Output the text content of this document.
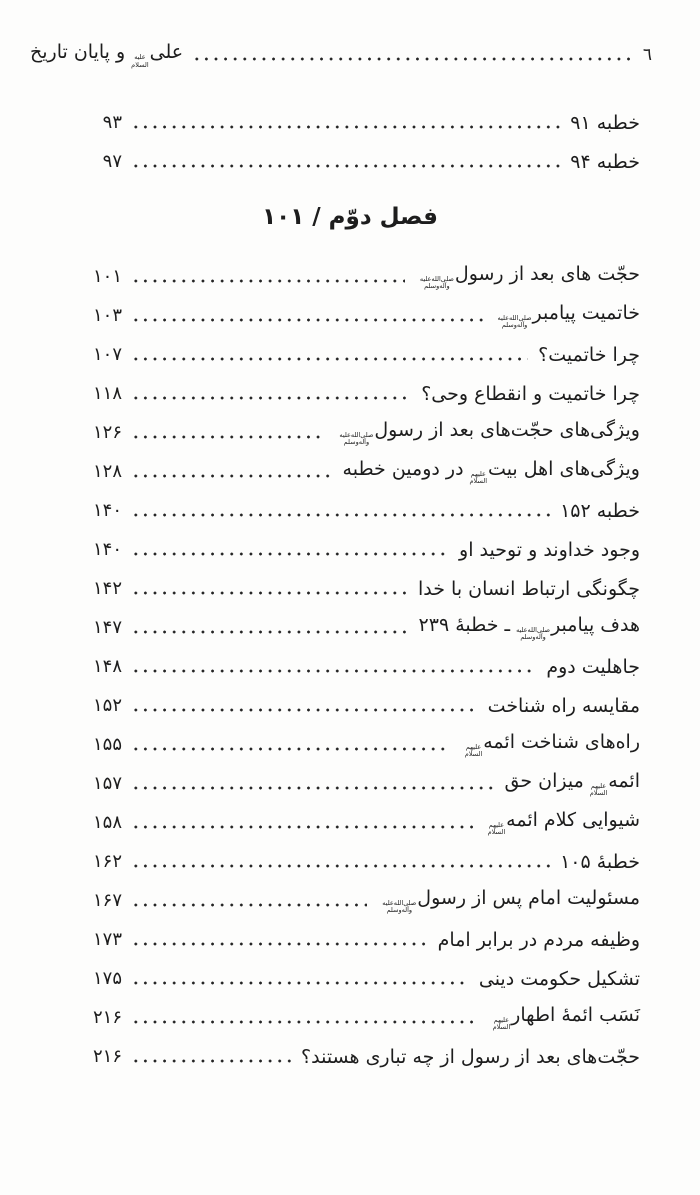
٦
علی
علیه
السلام
و پایان تاریخ
خطبه ۹۱
۹۳
خطبه ۹۴
۹۷
فصل دوّم / ۱۰۱
حجّت های بعد از رسول
صلی‌الله‌علیه
وآله‌وسلم
۱۰۱
خاتمیت پیامبر
صلی‌الله‌علیه
وآله‌وسلم
۱۰۳
چرا خاتمیت؟
۱۰۷
چرا خاتمیت و انقطاع وحی؟
۱۱۸
ویژگی‌های حجّت‌های بعد از رسول
صلی‌الله‌علیه
وآله‌وسلم
۱۲۶
ویژگی‌های اهل بیت
علیهم
السلام
در دومین خطبه
۱۲۸
خطبه ۱۵۲
۱۴۰
وجود خداوند و توحید او
۱۴۰
چگونگی ارتباط انسان با خدا
۱۴۲
هدف پیامبر
صلی‌الله‌علیه
وآله‌وسلم
ـ خطبهٔ ۲۳۹
۱۴۷
جاهلیت دوم
۱۴۸
مقایسه راه شناخت
۱۵۲
راه‌های شناخت ائمه
علیهم
السلام
۱۵۵
ائمه
علیهم
السلام
میزان حق
۱۵۷
شیوایی کلام ائمه
علیهم
السلام
۱۵۸
خطبهٔ ۱۰۵
۱۶۲
مسئولیت امام پس از رسول
صلی‌الله‌علیه
وآله‌وسلم
۱۶۷
وظیفه مردم در برابر امام
۱۷۳
تشکیل حکومت دینی
۱۷۵
نَسَب ائمهٔ اطهار
علیهم
السلام
۲۱۶
حجّت‌های بعد از رسول از چه تباری هستند؟
۲۱۶
